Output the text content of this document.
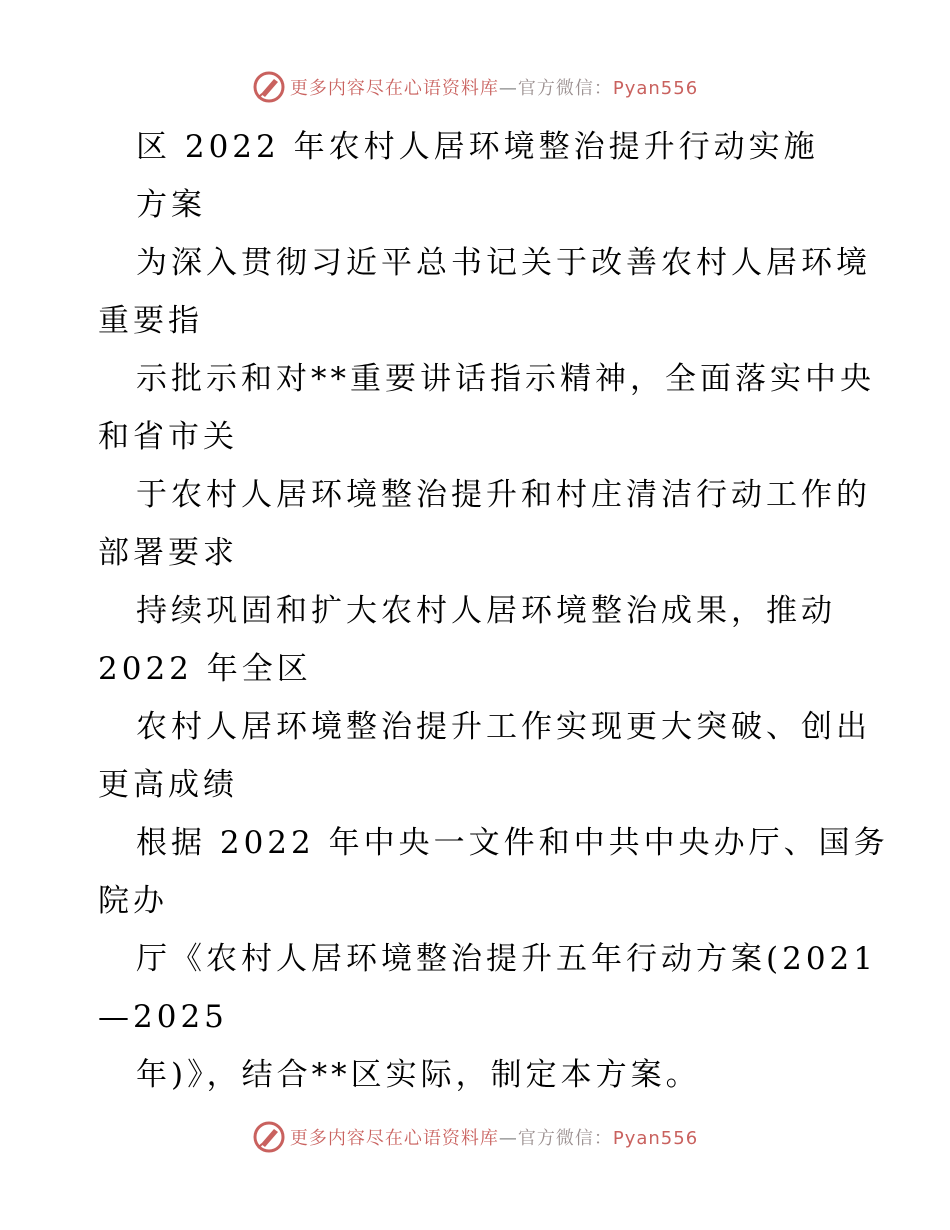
更多内容尽在心语资料库—官方微信：Pyan556
区 2022 年农村人居环境整治提升行动实施
方案
为深入贯彻习近平总书记关于改善农村人居环境
重要指
示批示和对**重要讲话指示精神，全面落实中央
和省市关
于农村人居环境整治提升和村庄清洁行动工作的
部署要求
持续巩固和扩大农村人居环境整治成果，推动
2022 年全区
农村人居环境整治提升工作实现更大突破、创出
更高成绩
根据 2022 年中央一文件和中共中央办厅、国务
院办
厅《农村人居环境整治提升五年行动方案(2021
—2025
年)》，结合**区实际，制定本方案。
更多内容尽在心语资料库—官方微信：Pyan556
